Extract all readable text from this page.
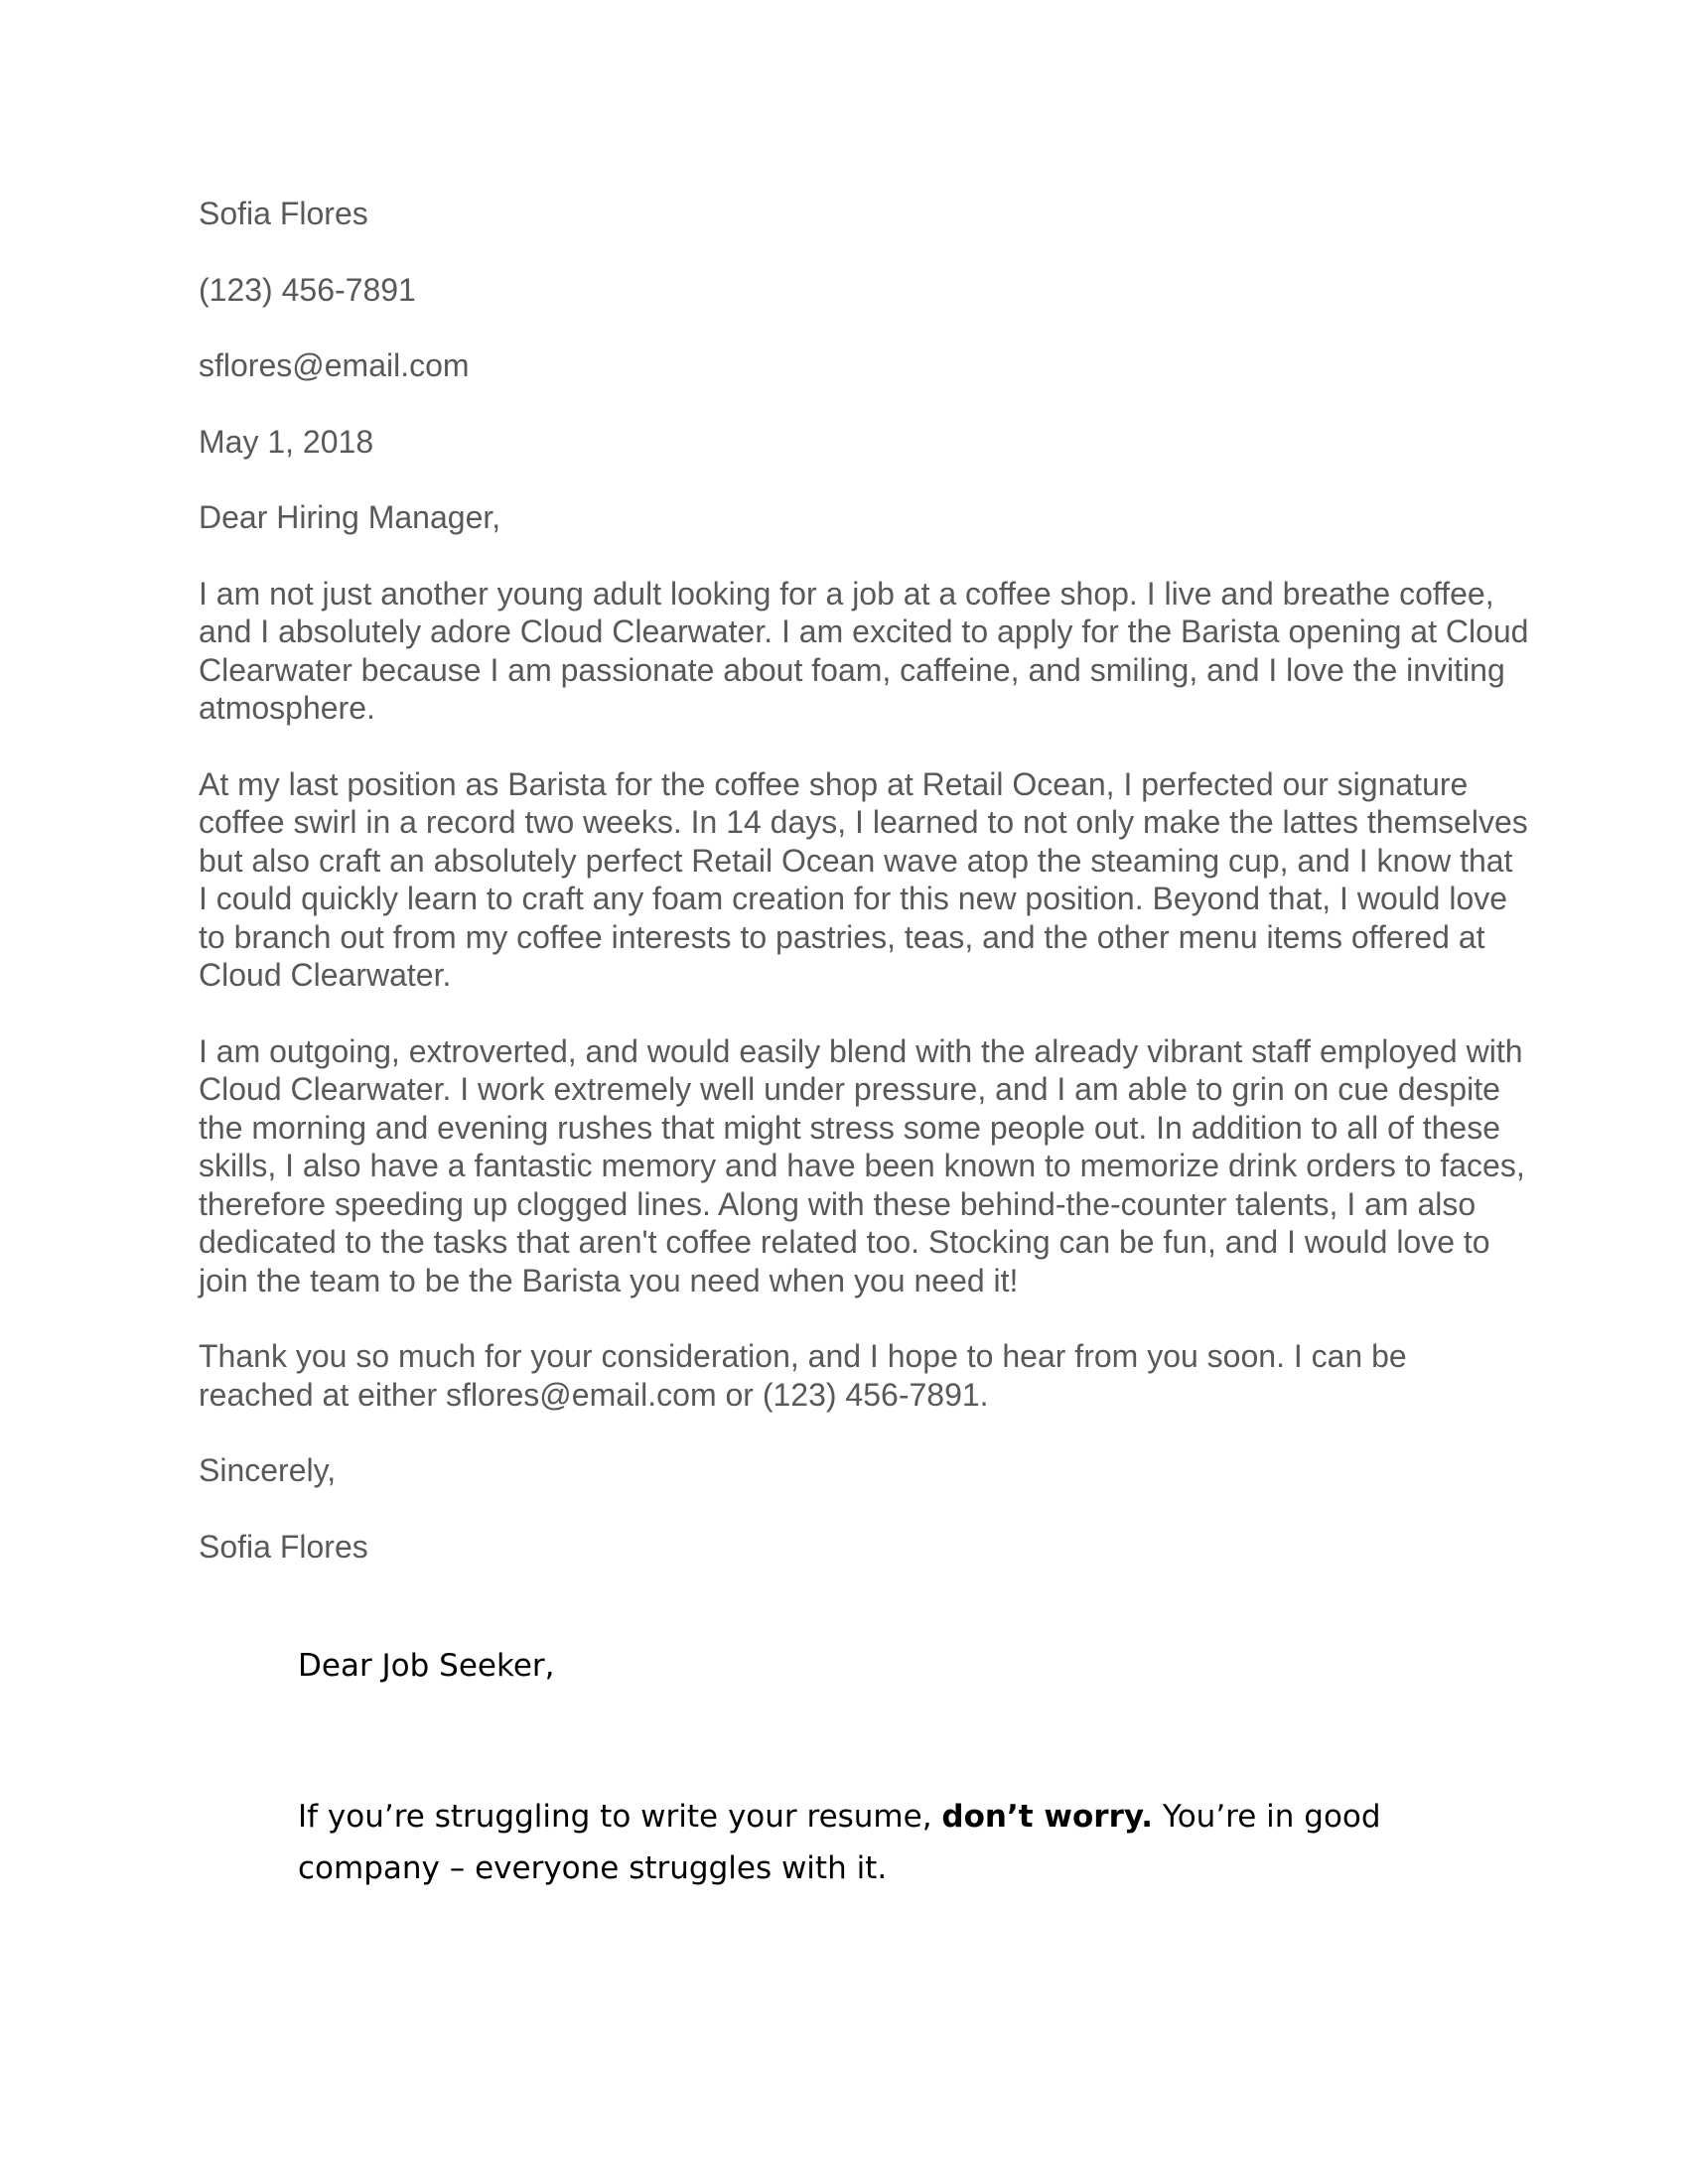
Sofia Flores

(123) 456-7891

sflores@email.com

May 1, 2018

Dear Hiring Manager,

I am not just another young adult looking for a job at a coffee shop. I live and breathe coffee, and I absolutely adore Cloud Clearwater. I am excited to apply for the Barista opening at Cloud Clearwater because I am passionate about foam, caffeine, and smiling, and I love the inviting atmosphere.

At my last position as Barista for the coffee shop at Retail Ocean, I perfected our signature coffee swirl in a record two weeks. In 14 days, I learned to not only make the lattes themselves but also craft an absolutely perfect Retail Ocean wave atop the steaming cup, and I know that I could quickly learn to craft any foam creation for this new position. Beyond that, I would love to branch out from my coffee interests to pastries, teas, and the other menu items offered at Cloud Clearwater.

I am outgoing, extroverted, and would easily blend with the already vibrant staff employed with Cloud Clearwater. I work extremely well under pressure, and I am able to grin on cue despite the morning and evening rushes that might stress some people out. In addition to all of these skills, I also have a fantastic memory and have been known to memorize drink orders to faces, therefore speeding up clogged lines. Along with these behind-the-counter talents, I am also dedicated to the tasks that aren't coffee related too. Stocking can be fun, and I would love to join the team to be the Barista you need when you need it!

Thank you so much for your consideration, and I hope to hear from you soon. I can be reached at either sflores@email.com or (123) 456-7891.

Sincerely,

Sofia Flores

Dear Job Seeker,

If you’re struggling to write your resume, don’t worry. You’re in good company – everyone struggles with it.
